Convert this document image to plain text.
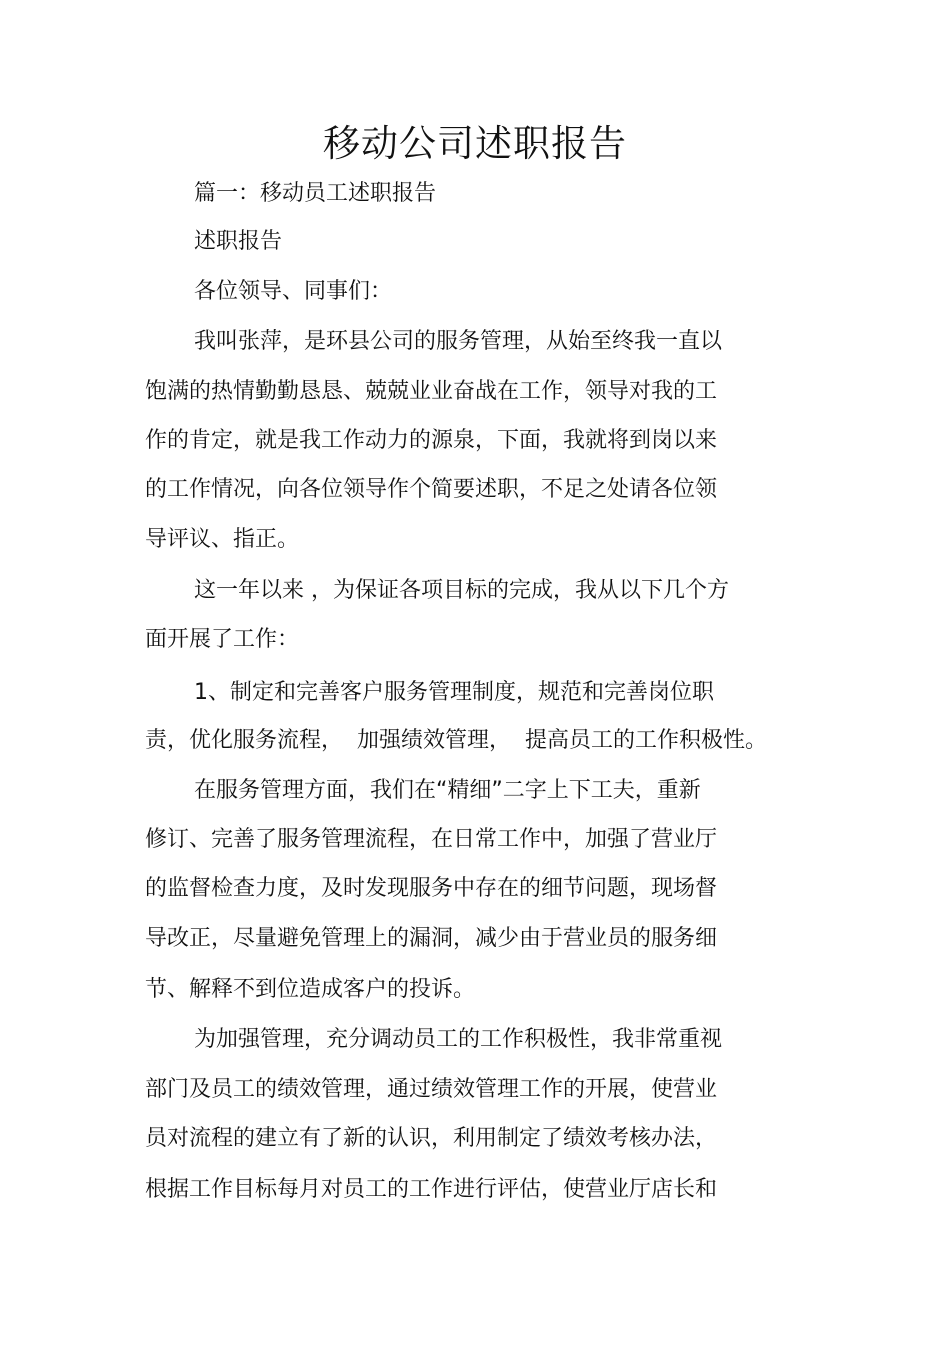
移动公司述职报告
篇一：移动员工述职报告
述职报告
各位领导、同事们：
我叫张萍，是环县公司的服务管理，从始至终我一直以
饱满的热情勤勤恳恳、兢兢业业奋战在工作，领导对我的工
作的肯定，就是我工作动力的源泉，下面，我就将到岗以来
的工作情况，向各位领导作个简要述职，不足之处请各位领
导评议、指正。
这一年以来 ，为保证各项目标的完成，我从以下几个方
面开展了工作：
1、制定和完善客户服务管理制度，规范和完善岗位职
责，优化服务流程，  加强绩效管理，  提高员工的工作积极性。
在服务管理方面，我们在“精细”二字上下工夫，重新
修订、完善了服务管理流程，在日常工作中，加强了营业厅
的监督检查力度，及时发现服务中存在的细节问题，现场督
导改正，尽量避免管理上的漏洞，减少由于营业员的服务细
节、解释不到位造成客户的投诉。
为加强管理，充分调动员工的工作积极性，我非常重视
部门及员工的绩效管理，通过绩效管理工作的开展，使营业
员对流程的建立有了新的认识，利用制定了绩效考核办法，
根据工作目标每月对员工的工作进行评估，使营业厅店长和
